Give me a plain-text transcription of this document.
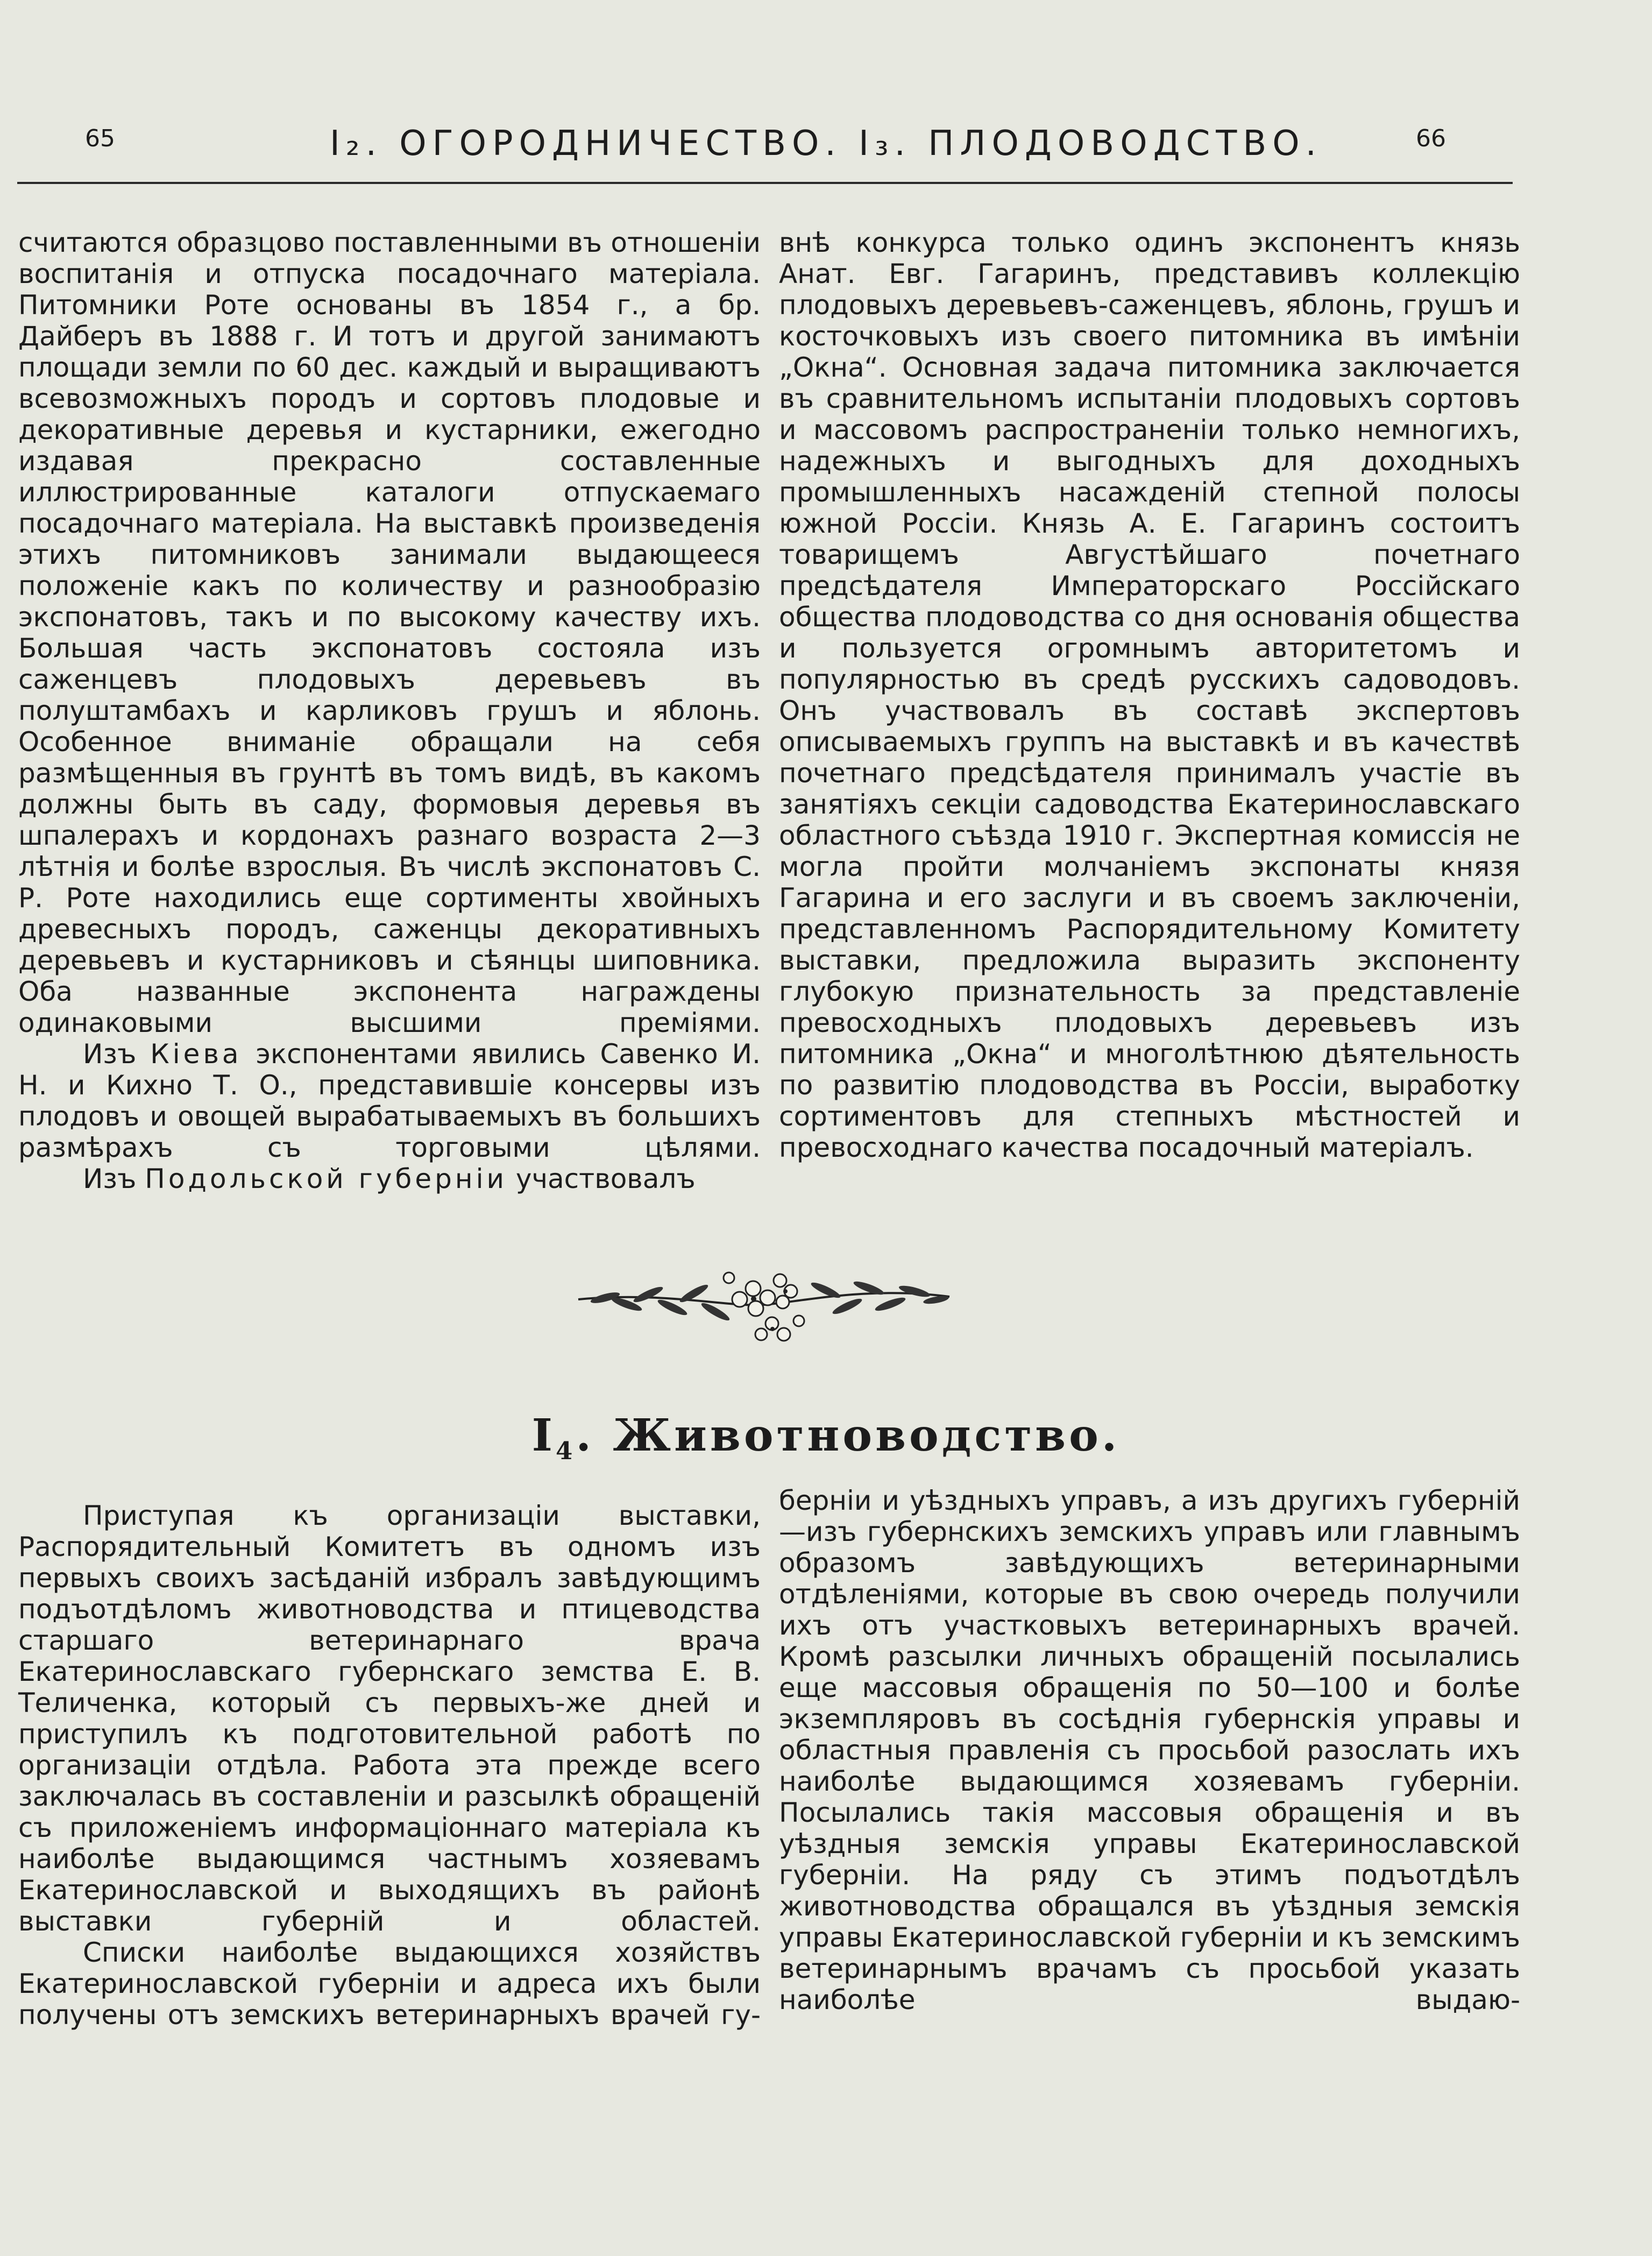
65	I₂. ОГОРОДНИЧЕСТВО. I₃. ПЛОДОВОДСТВО.	66

считаются образцово поставленными въ отношеніи воспитанія и отпуска посадочнаго матеріала. Питомники Роте основаны въ 1854 г., а бр. Дайберъ въ 1888 г. И тотъ и другой занимаютъ площади земли по 60 дес. каждый и выращиваютъ всевозможныхъ породъ и сортовъ плодовые и декоративные деревья и кустарники, ежегодно издавая прекрасно составленные иллюстрированные каталоги отпускаемаго посадочнаго матеріала. На выставкѣ произведенія этихъ питомниковъ занимали выдающееся положеніе какъ по количеству и разнообразію экспонатовъ, такъ и по высокому качеству ихъ. Большая часть экспонатовъ состояла изъ саженцевъ плодовыхъ деревьевъ въ полуштамбахъ и карликовъ грушъ и яблонь. Особенное вниманіе обращали на себя размѣщенныя въ грунтѣ въ томъ видѣ, въ какомъ должны быть въ саду, формовыя деревья въ шпалерахъ и кордонахъ разнаго возраста 2—3 лѣтнія и болѣе взрослыя. Въ числѣ экспонатовъ С. Р. Роте находились еще сортименты хвойныхъ древесныхъ породъ, саженцы декоративныхъ деревьевъ и кустарниковъ и сѣянцы шиповника. Оба названные экспонента награждены одинаковыми высшими преміями.

Изъ Кіева экспонентами явились Савенко И. Н. и Кихно Т. О., представившіе консервы изъ плодовъ и овощей вырабатываемыхъ въ большихъ размѣрахъ съ торговыми цѣлями.

Изъ Подольской губерніи участвовалъ

внѣ конкурса только одинъ экспонентъ князь Анат. Евг. Гагаринъ, представивъ коллекцію плодовыхъ деревьевъ-саженцевъ, яблонь, грушъ и косточковыхъ изъ своего питомника въ имѣніи „Окна“. Основная задача питомника заключается въ сравнительномъ испытаніи плодовыхъ сортовъ и массовомъ распространеніи только немногихъ, надежныхъ и выгодныхъ для доходныхъ промышленныхъ насажденій степной полосы южной Россіи. Князь А. Е. Гагаринъ состоитъ товарищемъ Августѣйшаго почетнаго предсѣдателя Императорскаго Россійскаго общества плодоводства со дня основанія общества и пользуется огромнымъ авторитетомъ и популярностью въ средѣ русскихъ садоводовъ. Онъ участвовалъ въ составѣ экспертовъ описываемыхъ группъ на выставкѣ и въ качествѣ почетнаго предсѣдателя принималъ участіе въ занятіяхъ секціи садоводства Екатеринославскаго областного съѣзда 1910 г. Экспертная комиссія не могла пройти молчаніемъ экспонаты князя Гагарина и его заслуги и въ своемъ заключеніи, представленномъ Распорядительному Комитету выставки, предложила выразить экспоненту глубокую признательность за представленіе превосходныхъ плодовыхъ деревьевъ изъ питомника „Окна“ и многолѣтнюю дѣятельность по развитію плодоводства въ Россіи, выработку сортиментовъ для степныхъ мѣстностей и превосходнаго качества посадочный матеріалъ.

$I_4$. Животноводство.

Приступая къ организаціи выставки, Распорядительный Комитетъ въ одномъ изъ первыхъ своихъ засѣданій избралъ завѣдующимъ подъотдѣломъ животноводства и птицеводства старшаго ветеринарнаго врача Екатеринославскаго губернскаго земства Е. В. Теличенка, который съ первыхъ-же дней и приступилъ къ подготовительной работѣ по организаціи отдѣла. Работа эта прежде всего заключалась въ составленіи и разсылкѣ обращеній съ приложеніемъ информаціоннаго матеріала къ наиболѣе выдающимся частнымъ хозяевамъ Екатеринославской и выходящихъ въ районѣ выставки губерній и областей.

Списки наиболѣе выдающихся хозяйствъ Екатеринославской губерніи и адреса ихъ были получены отъ земскихъ ветеринарныхъ врачей гу-

берніи и уѣздныхъ управъ, а изъ другихъ губерній—изъ губернскихъ земскихъ управъ или главнымъ образомъ завѣдующихъ ветеринарными отдѣленіями, которые въ свою очередь получили ихъ отъ участковыхъ ветеринарныхъ врачей. Кромѣ разсылки личныхъ обращеній посылались еще массовыя обращенія по 50—100 и болѣе экземпляровъ въ сосѣднія губернскія управы и областныя правленія съ просьбой разослать ихъ наиболѣе выдающимся хозяевамъ губерніи. Посылались такія массовыя обращенія и въ уѣздныя земскія управы Екатеринославской губерніи. На ряду съ этимъ подъотдѣлъ животноводства обращался въ уѣздныя земскія управы Екатеринославской губерніи и къ земскимъ ветеринарнымъ врачамъ съ просьбой указать наиболѣе выдаю-
